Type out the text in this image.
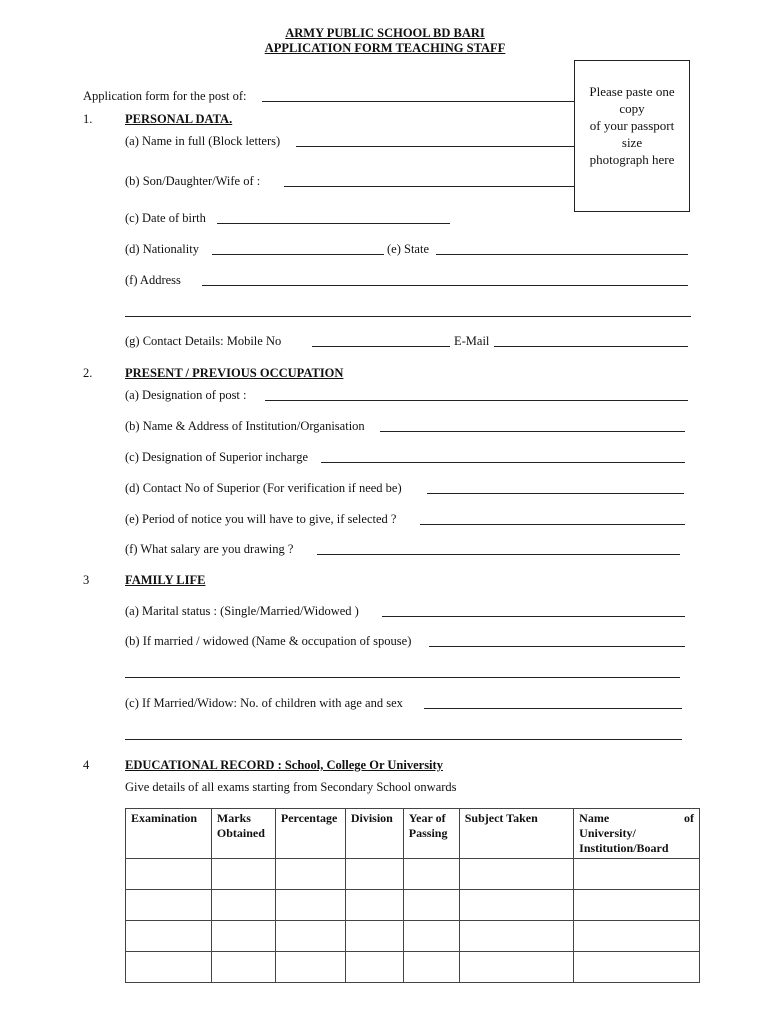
ARMY PUBLIC SCHOOL BD BARI
APPLICATION FORM TEACHING STAFF
Please paste one
copy
of your passport
size
photograph here
Application form for the post of:
1.	PERSONAL DATA.
(a) Name in full (Block letters)
(b) Son/Daughter/Wife of :
(c) Date of birth
(d) Nationality	(e) State
(f) Address
(g) Contact Details: Mobile No	E-Mail
2.	PRESENT / PREVIOUS OCCUPATION
(a) Designation of post :
(b) Name & Address of Institution/Organisation
(c) Designation of Superior incharge
(d) Contact No of Superior (For verification if need be)
(e) Period of notice you will have to give, if selected ?
(f) What salary are you drawing ?
3	FAMILY LIFE
(a) Marital status : (Single/Married/Widowed )
(b) If married / widowed (Name & occupation of spouse)
(c) If Married/Widow: No. of children with age and sex
4	EDUCATIONAL RECORD : School, College Or University
Give details of all exams starting from Secondary School onwards
Examination	Marks Obtained	Percentage	Division	Year of Passing	Subject Taken	Name of
University/ Institution/Board
